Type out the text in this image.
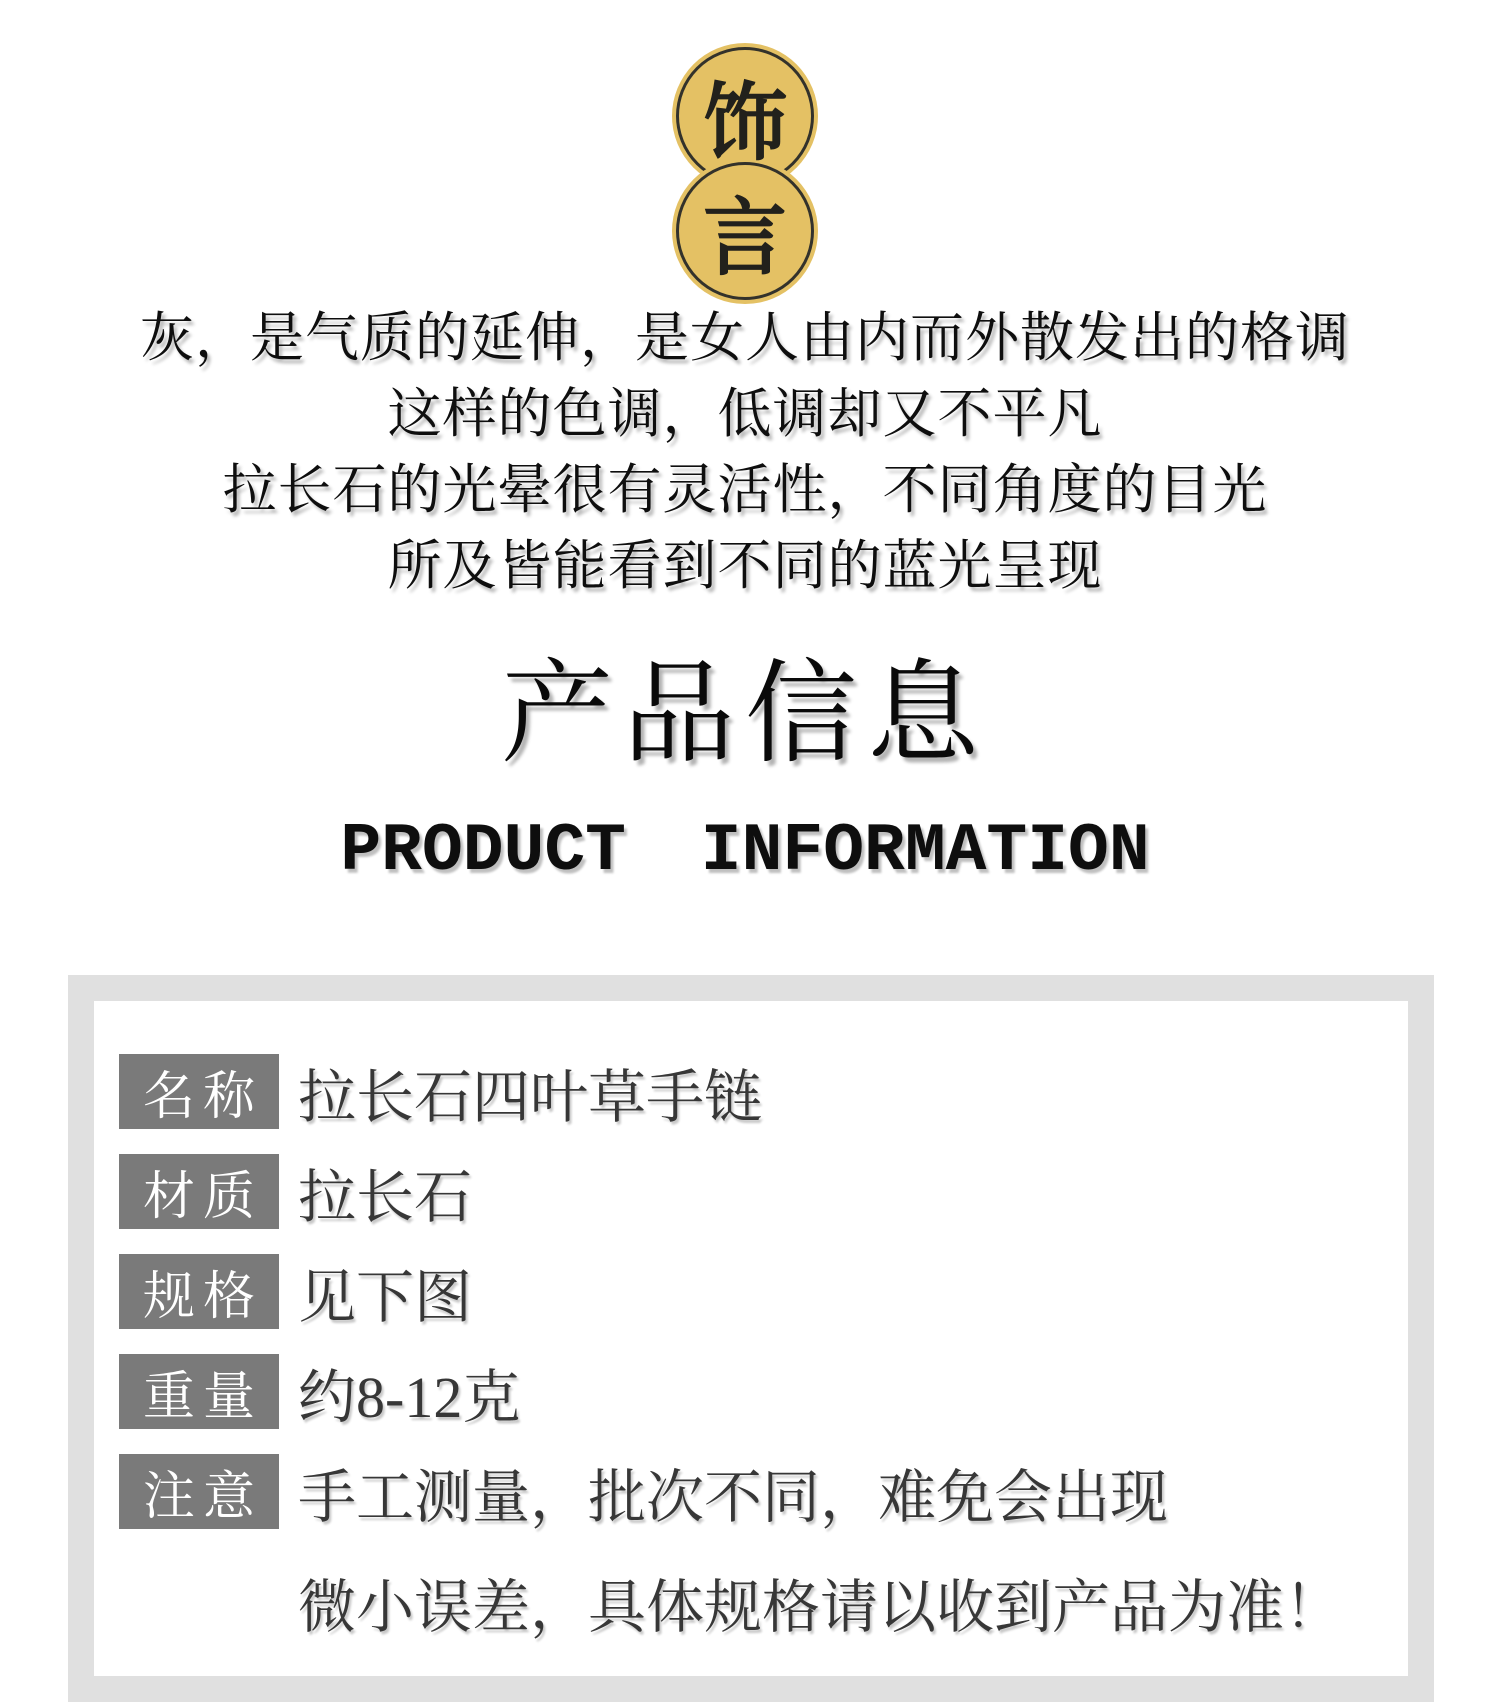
饰
言
灰，是气质的延伸，是女人由内而外散发出的格调
这样的色调，低调却又不平凡
拉长石的光晕很有灵活性，不同角度的目光
所及皆能看到不同的蓝光呈现
产品信息
PRODUCT INFORMATION
名称 拉长石四叶草手链
材质 拉长石
规格 见下图
重量 约8-12克
注意 手工测量，批次不同，难免会出现
微小误差，具体规格请以收到产品为准！
